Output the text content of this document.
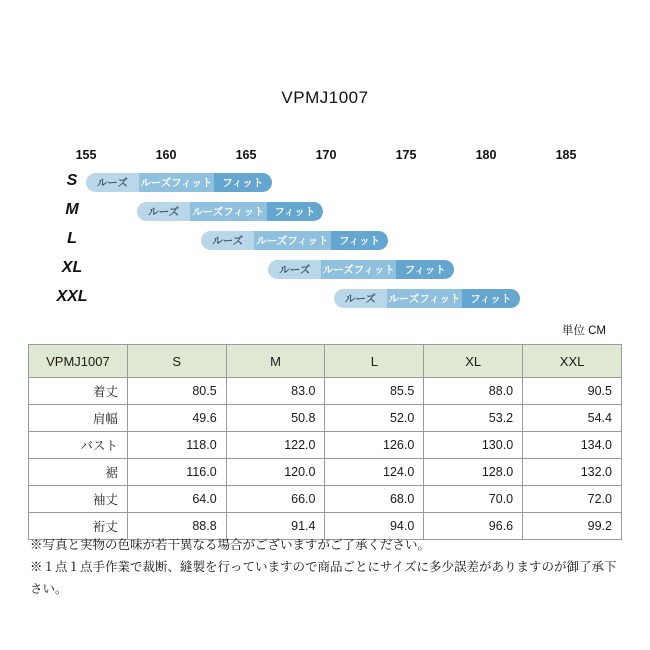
VPMJ1007
155	160	165	170	175	180	185
S	ルーズ	ルーズフィット フィット
M	ルーズ	ルーズフィット フィット
L	ルーズ	ルーズフィット	フィット
XL	ルーズ	ルーズフィット フィット
XXL	ルーズ	ルーズフィット フィット
単位 CM
VPMJ1007	S	M	L	XL	XXL
着丈	80.5	83.0	85.5	88.0	90.5
肩幅	49.6	50.8	52.0	53.2	54.4
バスト	118.0	122.0	126.0	130.0	134.0
裾	116.0	120.0	124.0	128.0	132.0
袖丈	64.0	66.0	68.0	70.0	72.0
裄丈	88.8	91.4	94.0	96.6	99.2
※写真と実物の色味が若干異なる場合がございますがご了承ください。
※１点１点手作業で裁断、縫製を行っていますので商品ごとにサイズに多少誤差がありますのが御了承下さい。
